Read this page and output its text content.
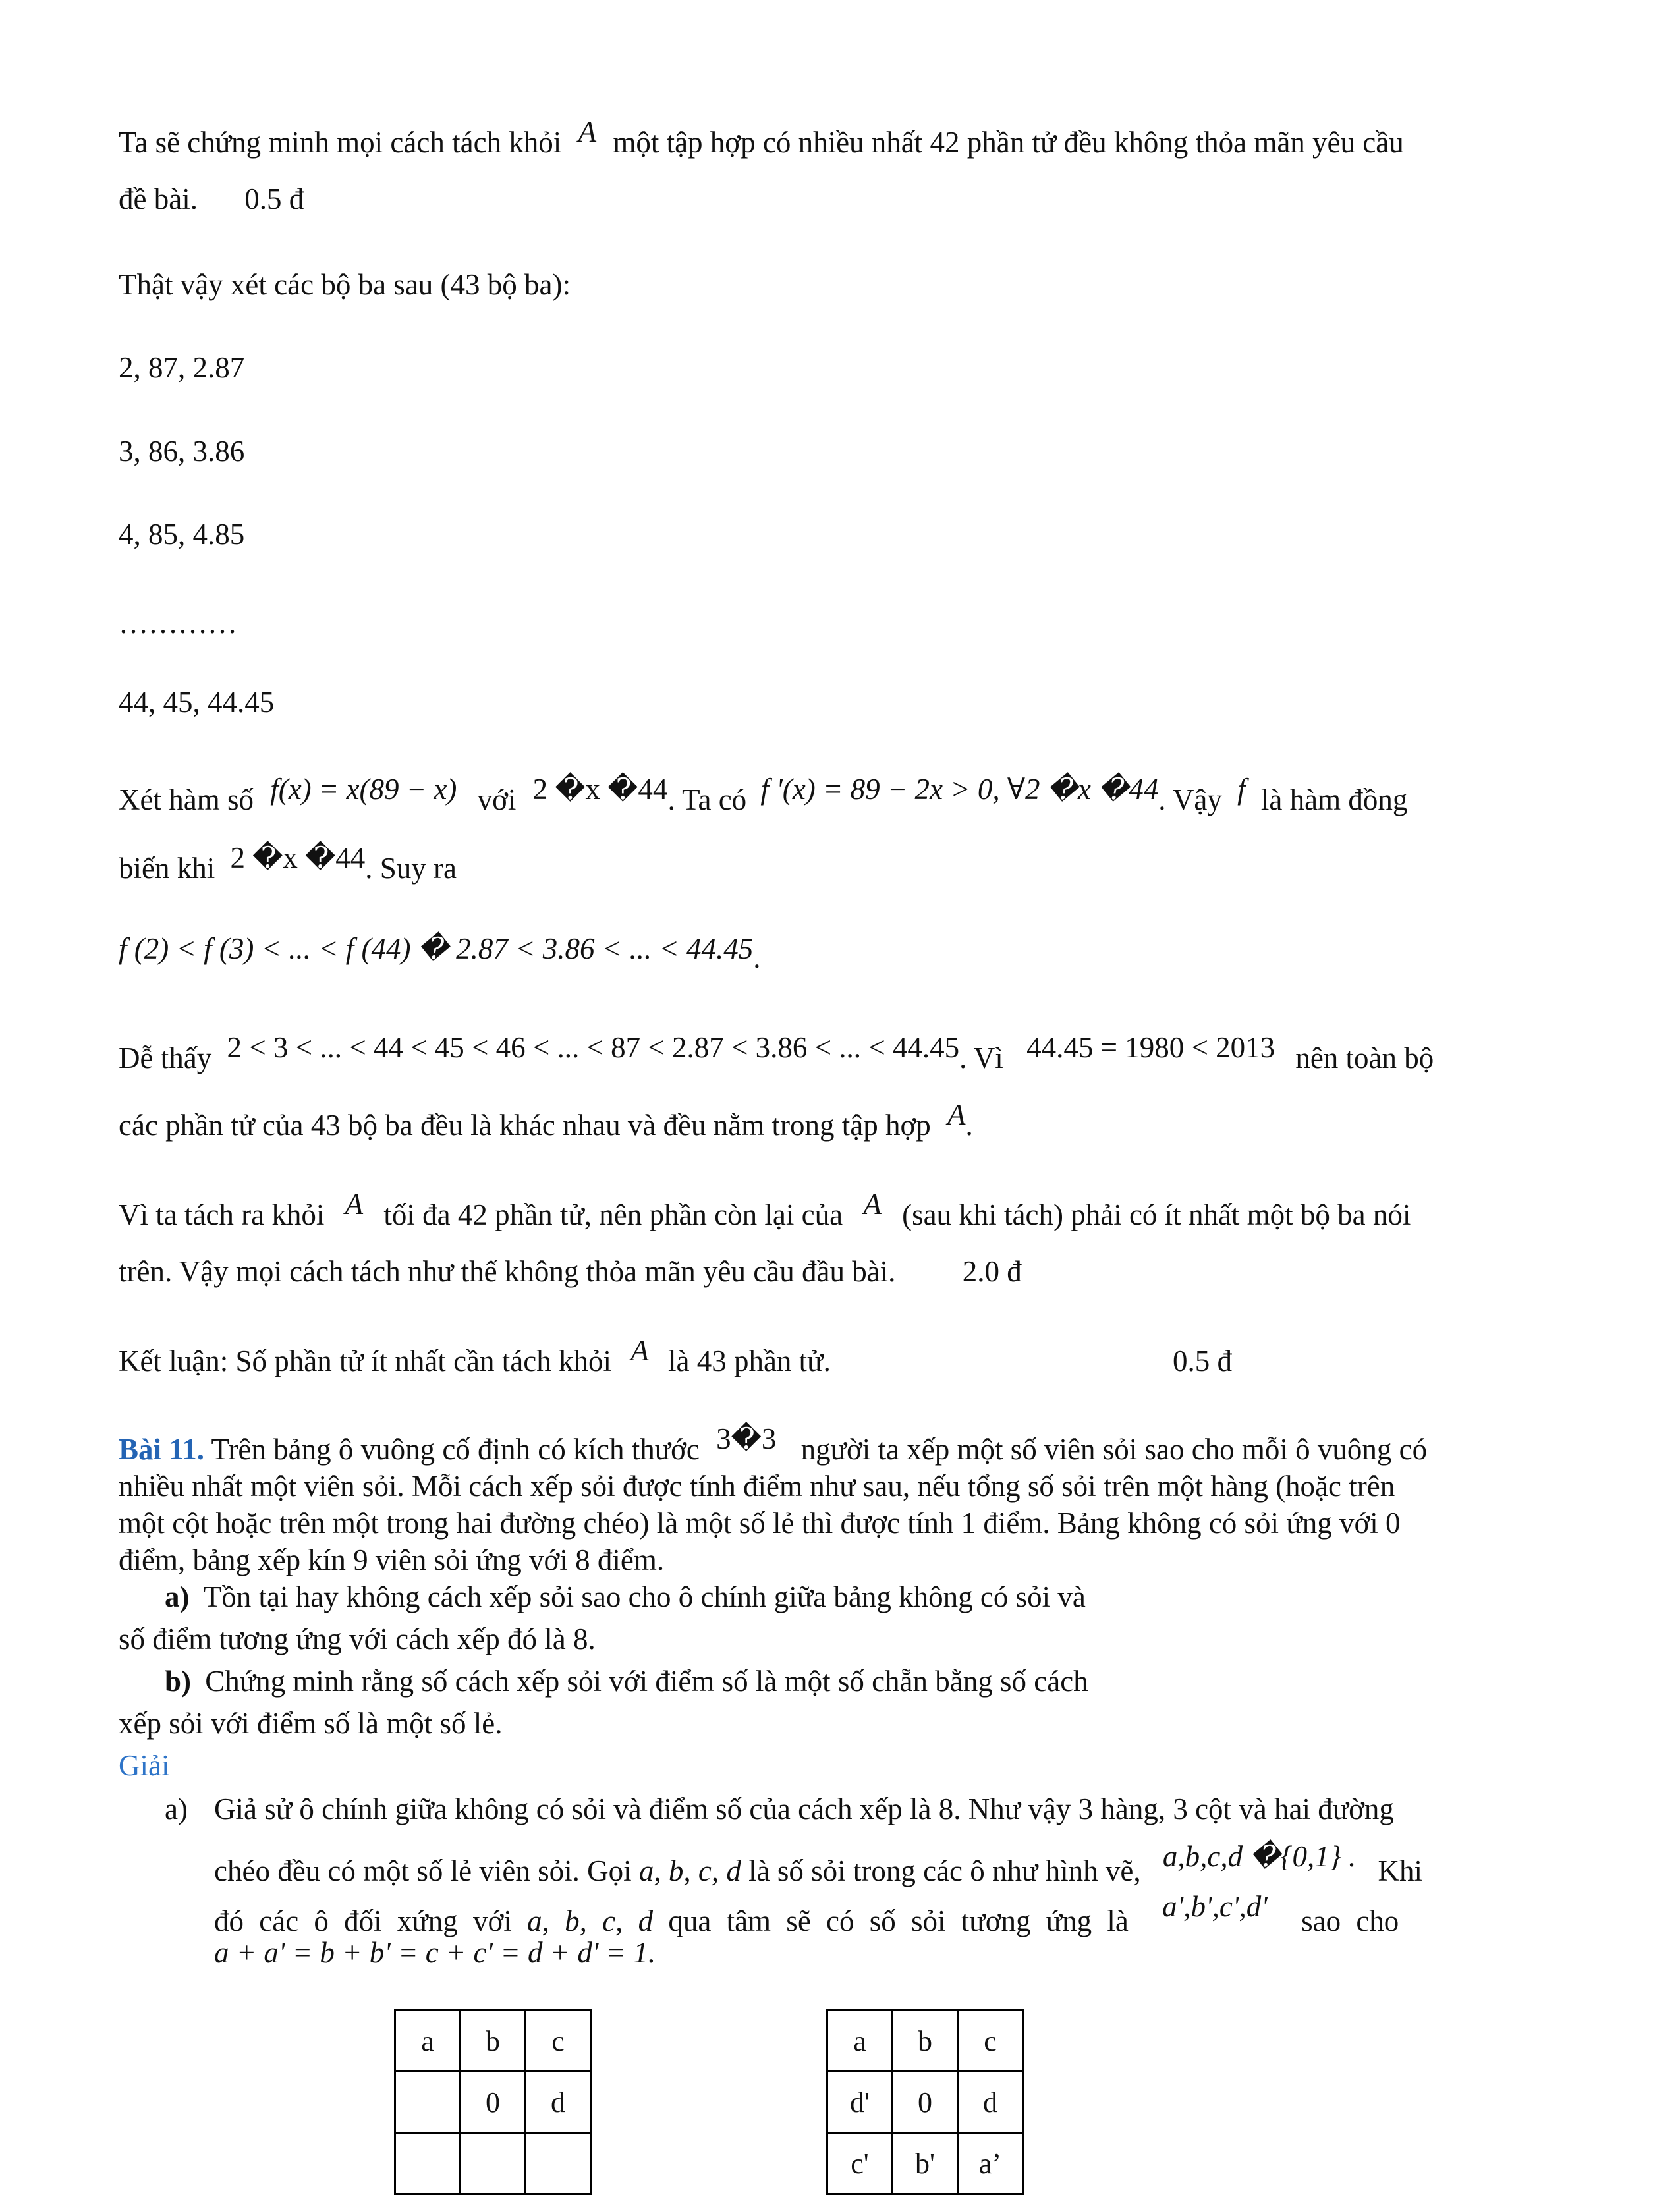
Ta sẽ chứng minh mọi cách tách khỏi A một tập hợp có nhiều nhất 42 phần tử đều không thỏa mãn yêu cầu
đề bài. 0.5 đ
Thật vậy xét các bộ ba sau (43 bộ ba):
2, 87, 2.87
3, 86, 3.86
4, 85, 4.85
…………
44, 45, 44.45
Xét hàm số f(x) = x(89 − x) với 2 �x �44. Ta có f '(x) = 89 − 2x > 0, ∀2 �x �44. Vậy f là hàm đồng
biến khi 2 �x �44. Suy ra
f (2) < f (3) < ... < f (44) � 2.87 < 3.86 < ... < 44.45.
Dễ thấy 2 < 3 < ... < 44 < 45 < 46 < ... < 87 < 2.87 < 3.86 < ... < 44.45. Vì 44.45 = 1980 < 2013 nên toàn bộ
các phần tử của 43 bộ ba đều là khác nhau và đều nằm trong tập hợp A.
Vì ta tách ra khỏi A tối đa 42 phần tử, nên phần còn lại của A (sau khi tách) phải có ít nhất một bộ ba nói
trên. Vậy mọi cách tách như thế không thỏa mãn yêu cầu đầu bài. 2.0 đ
Kết luận: Số phần tử ít nhất cần tách khỏi A là 43 phần tử.	0.5 đ
Bài 11. Trên bảng ô vuông cố định có kích thước 3�3 người ta xếp một số viên sỏi sao cho mỗi ô vuông có
nhiều nhất một viên sỏi. Mỗi cách xếp sỏi được tính điểm như sau, nếu tổng số sỏi trên một hàng (hoặc trên
một cột hoặc trên một trong hai đường chéo) là một số lẻ thì được tính 1 điểm. Bảng không có sỏi ứng với 0
điểm, bảng xếp kín 9 viên sỏi ứng với 8 điểm.
a) Tồn tại hay không cách xếp sỏi sao cho ô chính giữa bảng không có sỏi và
số điểm tương ứng với cách xếp đó là 8.
b) Chứng minh rằng số cách xếp sỏi với điểm số là một số chẵn bằng số cách
xếp sỏi với điểm số là một số lẻ.
Giải
a) Giả sử ô chính giữa không có sỏi và điểm số của cách xếp là 8. Như vậy 3 hàng, 3 cột và hai đường
chéo đều có một số lẻ viên sỏi. Gọi a, b, c, d là số sỏi trong các ô như hình vẽ, a,b,c,d �{0,1} . Khi
đó các ô đối xứng với a, b, c, d qua tâm sẽ có số sỏi tương ứng là a',b',c',d' sao cho
a + a' = b + b' = c + c' = d + d' = 1.
a	b	c
	0	d

a	b	c
d'	0	d
c'	b'	a’
